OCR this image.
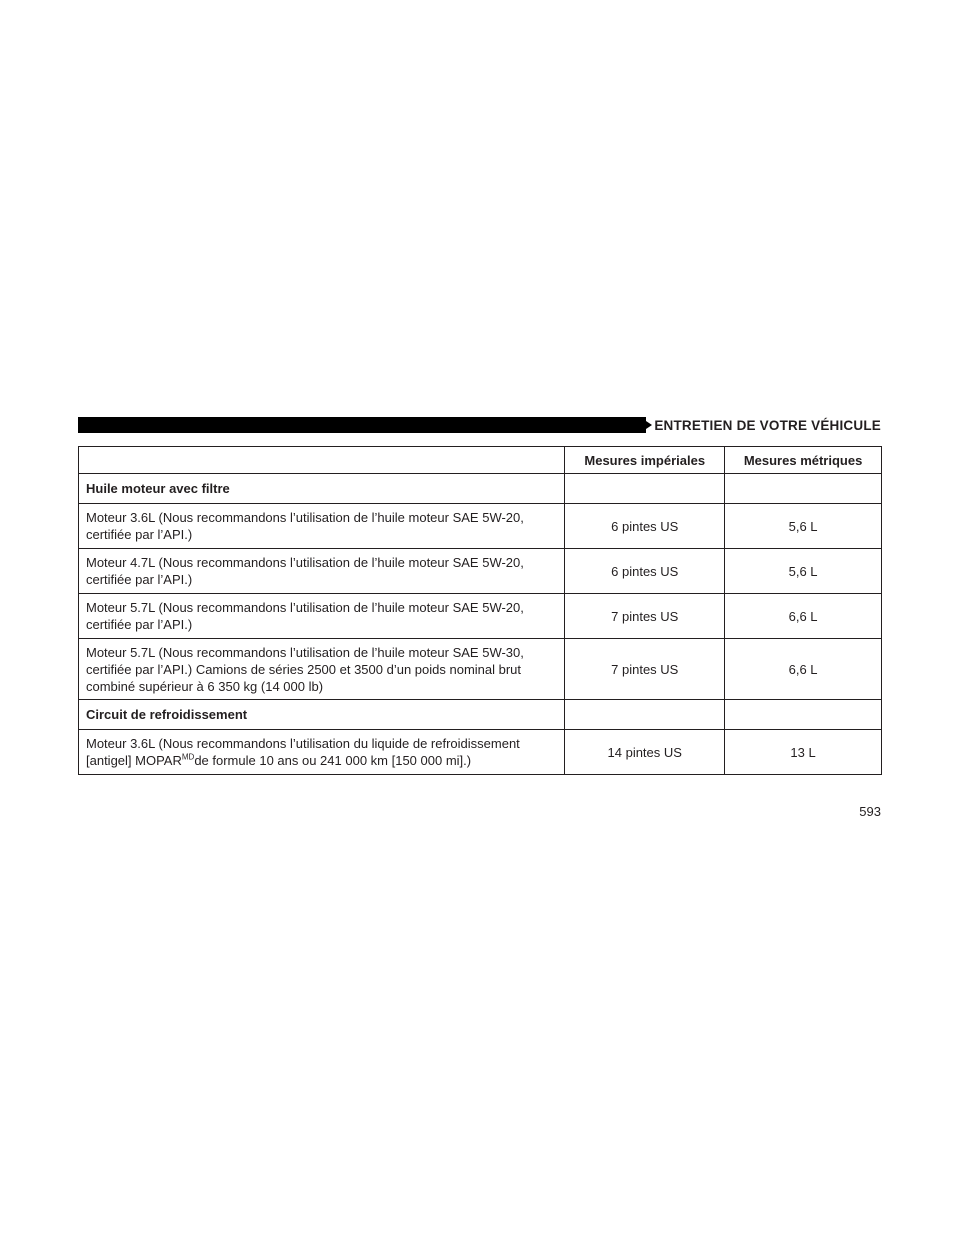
ENTRETIEN DE VOTRE VÉHICULE
	Mesures impériales	Mesures métriques
Huile moteur avec filtre		

Moteur 3.6L (Nous recommandons l’utilisation de l’huile moteur SAE 5W-20,
certifiée par l’API.)	6 pintes US	5,6 L

Moteur 4.7L (Nous recommandons l’utilisation de l’huile moteur SAE 5W-20,
certifiée par l’API.)	6 pintes US	5,6 L

Moteur 5.7L (Nous recommandons l’utilisation de l’huile moteur SAE 5W-20,
certifiée par l’API.)	7 pintes US	6,6 L

Moteur 5.7L (Nous recommandons l’utilisation de l’huile moteur SAE 5W-30,
certifiée par l’API.) Camions de séries 2500 et 3500 d’un poids nominal brut
combiné supérieur à 6 350 kg (14 000 lb)	7 pintes US	6,6 L
Circuit de refroidissement		

Moteur 3.6L (Nous recommandons l’utilisation du liquide de refroidissement
[antigel] $MOPAR^{MD}de$ formule 10 ans ou 241 000 km [150 000 mi].)	14 pintes US	13 L
593
